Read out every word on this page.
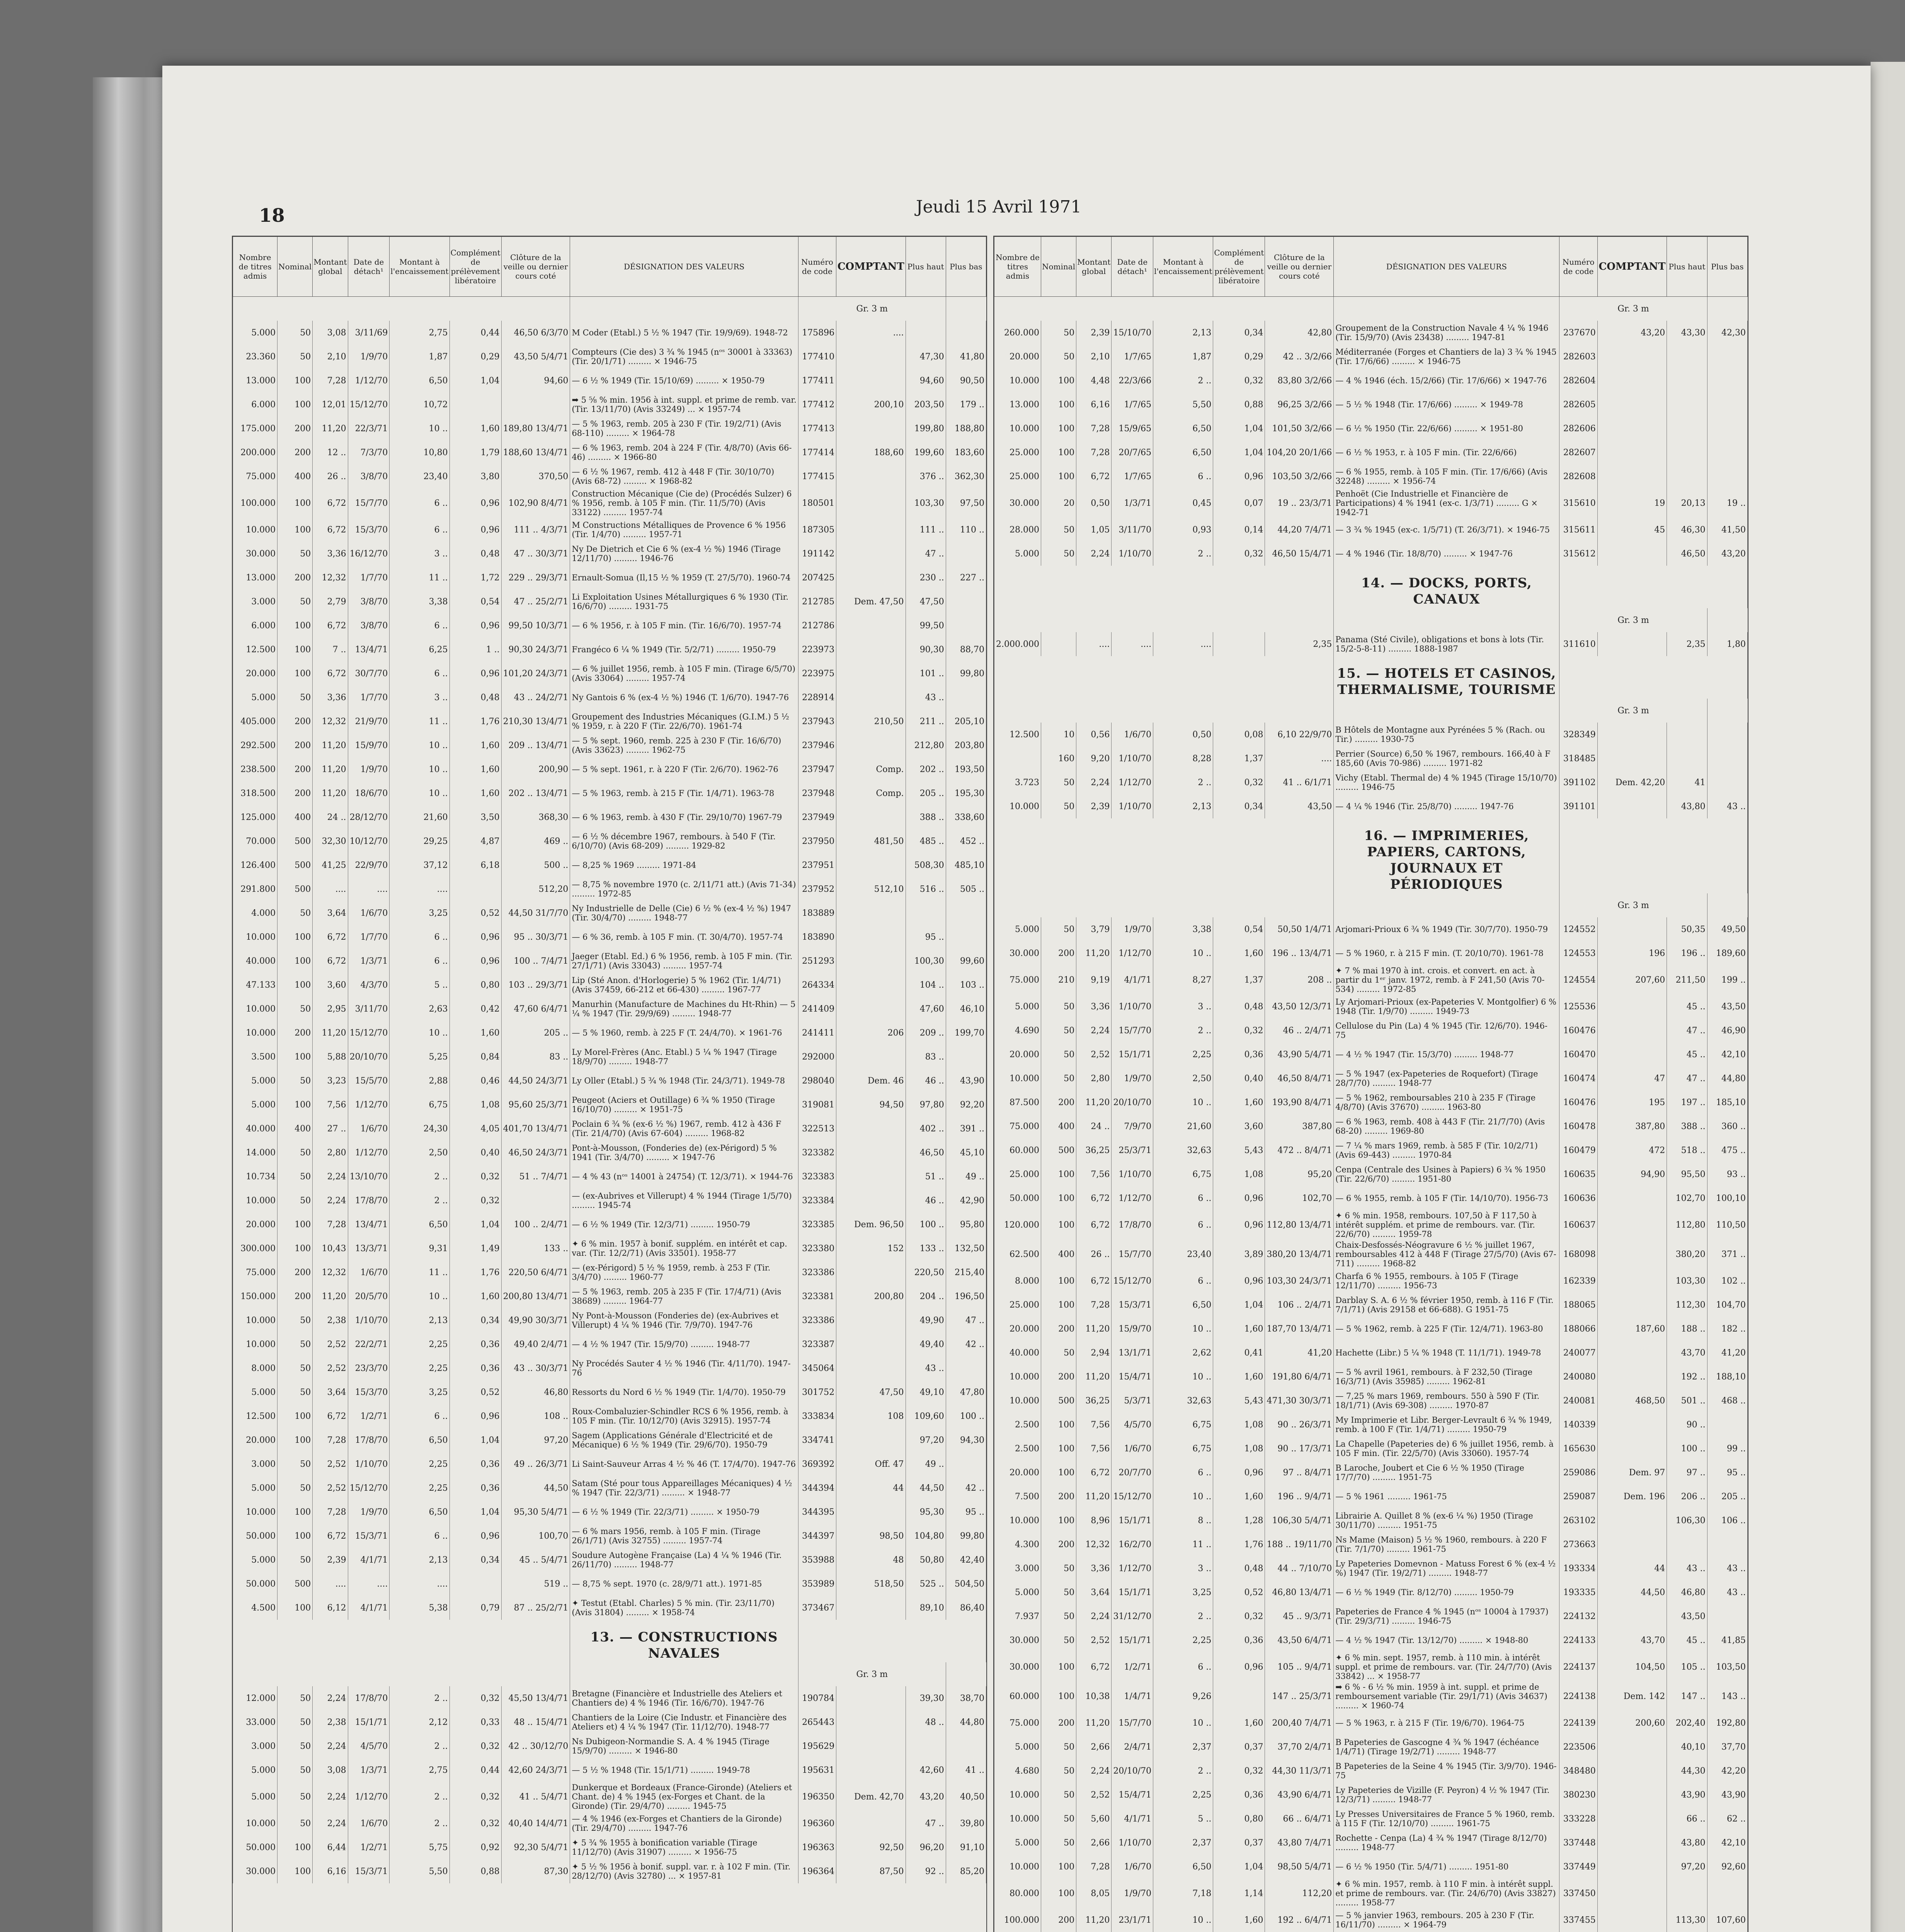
18	Jeudi 15 Avril 1971
Nombre de titres admis	Nominal	Montant global	Date de détach¹	Montant à l'encaissement	Complément de prélèvement libératoire	Clôture de la veille ou dernier cours coté	DÉSIGNATION DES VALEURS	Numéro de code	COMPTANT	Plus haut	Plus bas
								Gr. 3 m			
5.000	50	3,08	3/11/69	2,75	0,44	46,50 6/3/70	M Coder (Etabl.) 5 ½ % 1947 (Tir. 19/9/69). 1948-72	175896	....		
23.360	50	2,10	1/9/70	1,87	0,29	43,50 5/4/71	Compteurs (Cie des) 3 ¾ % 1945 (nᵒˢ 30001 à 33363) (Tir. 20/1/71) ......... × 1946-75	177410		47,30	41,80
13.000	100	7,28	1/12/70	6,50	1,04	94,60	— 6 ½ % 1949 (Tir. 15/10/69) ......... × 1950-79	177411		94,60	90,50
6.000	100	12,01	15/12/70	10,72			➡ 5 ⅝ % min. 1956 à int. suppl. et prime de remb. var. (Tir. 13/11/70) (Avis 33249) ... × 1957-74	177412	200,10	203,50	179 ..
175.000	200	11,20	22/3/71	10 ..	1,60	189,80 13/4/71	— 5 % 1963, remb. 205 à 230 F (Tir. 19/2/71) (Avis 68-110) ......... × 1964-78	177413		199,80	188,80
200.000	200	12 ..	7/3/70	10,80	1,79	188,60 13/4/71	— 6 % 1963, remb. 204 à 224 F (Tir. 4/8/70) (Avis 66-46) ......... × 1966-80	177414	188,60	199,60	183,60
75.000	400	26 ..	3/8/70	23,40	3,80	370,50	— 6 ½ % 1967, remb. 412 à 448 F (Tir. 30/10/70) (Avis 68-72) ......... × 1968-82	177415		376 ..	362,30
100.000	100	6,72	15/7/70	6 ..	0,96	102,90 8/4/71	Construction Mécanique (Cie de) (Procédés Sulzer) 6 % 1956, remb. à 105 F min. (Tir. 11/5/70) (Avis 33122) ......... 1957-74	180501		103,30	97,50
10.000	100	6,72	15/3/70	6 ..	0,96	111 .. 4/3/71	M Constructions Métalliques de Provence 6 % 1956 (Tir. 1/4/70) ......... 1957-71	187305		111 ..	110 ..
30.000	50	3,36	16/12/70	3 ..	0,48	47 .. 30/3/71	Ny De Dietrich et Cie 6 % (ex-4 ½ %) 1946 (Tirage 12/11/70) ......... 1946-76	191142		47 ..	
13.000	200	12,32	1/7/70	11 ..	1,72	229 .. 29/3/71	Ernault-Somua (Il,15 ½ % 1959 (T. 27/5/70). 1960-74	207425		230 ..	227 ..
3.000	50	2,79	3/8/70	3,38	0,54	47 .. 25/2/71	Li Exploitation Usines Métallurgiques 6 % 1930 (Tir. 16/6/70) ......... 1931-75	212785	Dem. 47,50	47,50	
6.000	100	6,72	3/8/70	6 ..	0,96	99,50 10/3/71	— 6 % 1956, r. à 105 F min. (Tir. 16/6/70). 1957-74	212786		99,50	
12.500	100	7 ..	13/4/71	6,25	1 ..	90,30 24/3/71	Frangéco 6 ¼ % 1949 (Tir. 5/2/71) ......... 1950-79	223973		90,30	88,70
20.000	100	6,72	30/7/70	6 ..	0,96	101,20 24/3/71	— 6 % juillet 1956, remb. à 105 F min. (Tirage 6/5/70) (Avis 33064) ......... 1957-74	223975		101 ..	99,80
5.000	50	3,36	1/7/70	3 ..	0,48	43 .. 24/2/71	Ny Gantois 6 % (ex-4 ½ %) 1946 (T. 1/6/70). 1947-76	228914		43 ..	
405.000	200	12,32	21/9/70	11 ..	1,76	210,30 13/4/71	Groupement des Industries Mécaniques (G.I.M.) 5 ½ % 1959, r. à 220 F (Tir. 22/6/70). 1961-74	237943	210,50	211 ..	205,10
292.500	200	11,20	15/9/70	10 ..	1,60	209 .. 13/4/71	— 5 % sept. 1960, remb. 225 à 230 F (Tir. 16/6/70) (Avis 33623) ......... 1962-75	237946		212,80	203,80
238.500	200	11,20	1/9/70	10 ..	1,60	200,90	— 5 % sept. 1961, r. à 220 F (Tir. 2/6/70). 1962-76	237947	Comp.	202 ..	193,50
318.500	200	11,20	18/6/70	10 ..	1,60	202 .. 13/4/71	— 5 % 1963, remb. à 215 F (Tir. 1/4/71). 1963-78	237948	Comp.	205 ..	195,30
125.000	400	24 ..	28/12/70	21,60	3,50	368,30	— 6 % 1963, remb. à 430 F (Tir. 29/10/70) 1967-79	237949		388 ..	338,60
70.000	500	32,30	10/12/70	29,25	4,87	469 ..	— 6 ½ % décembre 1967, rembours. à 540 F (Tir. 6/10/70) (Avis 68-209) ......... 1929-82	237950	481,50	485 ..	452 ..
126.400	500	41,25	22/9/70	37,12	6,18	500 ..	— 8,25 % 1969 ......... 1971-84	237951		508,30	485,10
291.800	500	....	....	....		512,20	— 8,75 % novembre 1970 (c. 2/11/71 att.) (Avis 71-34) ......... 1972-85	237952	512,10	516 ..	505 ..
4.000	50	3,64	1/6/70	3,25	0,52	44,50 31/7/70	Ny Industrielle de Delle (Cie) 6 ½ % (ex-4 ½ %) 1947 (Tir. 30/4/70) ......... 1948-77	183889			
10.000	100	6,72	1/7/70	6 ..	0,96	95 .. 30/3/71	— 6 % 36, remb. à 105 F min. (T. 30/4/70). 1957-74	183890		95 ..	
40.000	100	6,72	1/3/71	6 ..	0,96	100 .. 7/4/71	Jaeger (Etabl. Ed.) 6 % 1956, remb. à 105 F min. (Tir. 27/1/71) (Avis 33043) ......... 1957-74	251293		100,30	99,60
47.133	100	3,60	4/3/70	5 ..	0,80	103 .. 29/3/71	Lip (Sté Anon. d'Horlogerie) 5 % 1962 (Tir. 1/4/71) (Avis 37459, 66-212 et 66-430) ......... 1967-77	264334		104 ..	103 ..
10.000	50	2,95	3/11/70	2,63	0,42	47,60 6/4/71	Manurhin (Manufacture de Machines du Ht-Rhin) — 5 ¼ % 1947 (Tir. 29/9/69) ......... 1948-77	241409		47,60	46,10
10.000	200	11,20	15/12/70	10 ..	1,60	205 ..	— 5 % 1960, remb. à 225 F (T. 24/4/70). × 1961-76	241411	206	209 ..	199,70
3.500	100	5,88	20/10/70	5,25	0,84	83 ..	Ly Morel-Frères (Anc. Etabl.) 5 ¼ % 1947 (Tirage 18/9/70) ......... 1948-77	292000		83 ..	
5.000	50	3,23	15/5/70	2,88	0,46	44,50 24/3/71	Ly Oller (Etabl.) 5 ¾ % 1948 (Tir. 24/3/71). 1949-78	298040	Dem. 46	46 ..	43,90
5.000	100	7,56	1/12/70	6,75	1,08	95,60 25/3/71	Peugeot (Aciers et Outillage) 6 ¾ % 1950 (Tirage 16/10/70) ......... × 1951-75	319081	94,50	97,80	92,20
40.000	400	27 ..	1/6/70	24,30	4,05	401,70 13/4/71	Poclain 6 ¾ % (ex-6 ½ %) 1967, remb. 412 à 436 F (Tir. 21/4/70) (Avis 67-604) ......... 1968-82	322513		402 ..	391 ..
14.000	50	2,80	1/12/70	2,50	0,40	46,50 24/3/71	Pont-à-Mousson, (Fonderies de) (ex-Périgord) 5 % 1941 (Tir. 3/4/70) ......... × 1947-76	323382		46,50	45,10
10.734	50	2,24	13/10/70	2 ..	0,32	51 .. 7/4/71	— 4 % 43 (nᵒˢ 14001 à 24754) (T. 12/3/71). × 1944-76	323383		51 ..	49 ..
10.000	50	2,24	17/8/70	2 ..	0,32		— (ex-Aubrives et Villerupt) 4 % 1944 (Tirage 1/5/70) ......... 1945-74	323384		46 ..	42,90
20.000	100	7,28	13/4/71	6,50	1,04	100 .. 2/4/71	— 6 ½ % 1949 (Tir. 12/3/71) ......... 1950-79	323385	Dem. 96,50	100 ..	95,80
300.000	100	10,43	13/3/71	9,31	1,49	133 ..	✦ 6 % min. 1957 à bonif. supplém. en intérêt et cap. var. (Tir. 12/2/71) (Avis 33501). 1958-77	323380	152	133 ..	132,50
75.000	200	12,32	1/6/70	11 ..	1,76	220,50 6/4/71	— (ex-Périgord) 5 ½ % 1959, remb. à 253 F (Tir. 3/4/70) ......... 1960-77	323386		220,50	215,40
150.000	200	11,20	20/5/70	10 ..	1,60	200,80 13/4/71	— 5 % 1963, remb. 205 à 235 F (Tir. 17/4/71) (Avis 38689) ......... 1964-77	323381	200,80	204 ..	196,50
10.000	50	2,38	1/10/70	2,13	0,34	49,90 30/3/71	Ny Pont-à-Mousson (Fonderies de) (ex-Aubrives et Villerupt) 4 ¼ % 1946 (Tir. 7/9/70). 1947-76	323386		49,90	47 ..
10.000	50	2,52	22/2/71	2,25	0,36	49,40 2/4/71	— 4 ½ % 1947 (Tir. 15/9/70) ......... 1948-77	323387		49,40	42 ..
8.000	50	2,52	23/3/70	2,25	0,36	43 .. 30/3/71	Ny Procédés Sauter 4 ½ % 1946 (Tir. 4/11/70). 1947-76	345064		43 ..	
5.000	50	3,64	15/3/70	3,25	0,52	46,80	Ressorts du Nord 6 ½ % 1949 (Tir. 1/4/70). 1950-79	301752	47,50	49,10	47,80
12.500	100	6,72	1/2/71	6 ..	0,96	108 ..	Roux-Combaluzier-Schindler RCS 6 % 1956, remb. à 105 F min. (Tir. 10/12/70) (Avis 32915). 1957-74	333834	108	109,60	100 ..
20.000	100	7,28	17/8/70	6,50	1,04	97,20	Sagem (Applications Générale d'Electricité et de Mécanique) 6 ½ % 1949 (Tir. 29/6/70). 1950-79	334741		97,20	94,30
3.000	50	2,52	1/10/70	2,25	0,36	49 .. 26/3/71	Li Saint-Sauveur Arras 4 ½ % 46 (T. 17/4/70). 1947-76	369392	Off. 47	49 ..	
5.000	50	2,52	15/12/70	2,25	0,36	44,50	Satam (Sté pour tous Appareillages Mécaniques) 4 ½ % 1947 (Tir. 22/3/71) ......... × 1948-77	344394	44	44,50	42 ..
10.000	100	7,28	1/9/70	6,50	1,04	95,30 5/4/71	— 6 ½ % 1949 (Tir. 22/3/71) ......... × 1950-79	344395		95,30	95 ..
50.000	100	6,72	15/3/71	6 ..	0,96	100,70	— 6 % mars 1956, remb. à 105 F min. (Tirage 26/1/71) (Avis 32755) ......... 1957-74	344397	98,50	104,80	99,80
5.000	50	2,39	4/1/71	2,13	0,34	45 .. 5/4/71	Soudure Autogène Française (La) 4 ¼ % 1946 (Tir. 26/11/70) ......... 1948-77	353988	48	50,80	42,40
50.000	500	....	....	....		519 ..	— 8,75 % sept. 1970 (c. 28/9/71 att.). 1971-85	353989	518,50	525 ..	504,50
4.500	100	6,12	4/1/71	5,38	0,79	87 .. 25/2/71	✦ Testut (Etabl. Charles) 5 % min. (Tir. 23/11/70) (Avis 31804) ......... × 1958-74	373467		89,10	86,40
							13. — CONSTRUCTIONS NAVALES				
								Gr. 3 m			
12.000	50	2,24	17/8/70	2 ..	0,32	45,50 13/4/71	Bretagne (Financière et Industrielle des Ateliers et Chantiers de) 4 % 1946 (Tir. 16/6/70). 1947-76	190784		39,30	38,70
33.000	50	2,38	15/1/71	2,12	0,33	48 .. 15/4/71	Chantiers de la Loire (Cie Industr. et Financière des Ateliers et) 4 ¼ % 1947 (Tir. 11/12/70). 1948-77	265443		48 ..	44,80
3.000	50	2,24	4/5/70	2 ..	0,32	42 .. 30/12/70	Ns Dubigeon-Normandie S. A. 4 % 1945 (Tirage 15/9/70) ......... × 1946-80	195629			
5.000	50	3,08	1/3/71	2,75	0,44	42,60 24/3/71	— 5 ½ % 1948 (Tir. 15/1/71) ......... 1949-78	195631		42,60	41 ..
5.000	50	2,24	1/12/70	2 ..	0,32	41 .. 5/4/71	Dunkerque et Bordeaux (France-Gironde) (Ateliers et Chant. de) 4 % 1945 (ex-Forges et Chant. de la Gironde) (Tir. 29/4/70) ......... 1945-75	196350	Dem. 42,70	43,20	40,50
10.000	50	2,24	1/6/70	2 ..	0,32	40,40 14/4/71	— 4 % 1946 (ex-Forges et Chantiers de la Gironde) (Tir. 29/4/70) ......... 1947-76	196360		47 ..	39,80
50.000	100	6,44	1/2/71	5,75	0,92	92,30 5/4/71	✦ 5 ¾ % 1955 à bonification variable (Tirage 11/12/70) (Avis 31907) ......... × 1956-75	196363	92,50	96,20	91,10
30.000	100	6,16	15/3/71	5,50	0,88	87,30	✦ 5 ½ % 1956 à bonif. suppl. var. r. à 102 F min. (Tir. 28/12/70) (Avis 32780) ... × 1957-81	196364	87,50	92 ..	85,20
Nombre de titres admis	Nominal	Montant global	Date de détach¹	Montant à l'encaissement	Complément de prélèvement libératoire	Clôture de la veille ou dernier cours coté	DÉSIGNATION DES VALEURS	Numéro de code	COMPTANT	Plus haut	Plus bas
								Gr. 3 m			
260.000	50	2,39	15/10/70	2,13	0,34	42,80	Groupement de la Construction Navale 4 ¼ % 1946 (Tir. 15/9/70) (Avis 23438) ......... 1947-81	237670	43,20	43,30	42,30
20.000	50	2,10	1/7/65	1,87	0,29	42 .. 3/2/66	Méditerranée (Forges et Chantiers de la) 3 ¾ % 1945 (Tir. 17/6/66) ......... × 1946-75	282603			
10.000	100	4,48	22/3/66	2 ..	0,32	83,80 3/2/66	— 4 % 1946 (éch. 15/2/66) (Tir. 17/6/66) × 1947-76	282604			
13.000	100	6,16	1/7/65	5,50	0,88	96,25 3/2/66	— 5 ½ % 1948 (Tir. 17/6/66) ......... × 1949-78	282605			
10.000	100	7,28	15/9/65	6,50	1,04	101,50 3/2/66	— 6 ½ % 1950 (Tir. 22/6/66) ......... × 1951-80	282606			
25.000	100	7,28	20/7/65	6,50	1,04	104,20 20/1/66	— 6 ½ % 1953, r. à 105 F min. (Tir. 22/6/66)	282607			
25.000	100	6,72	1/7/65	6 ..	0,96	103,50 3/2/66	— 6 % 1955, remb. à 105 F min. (Tir. 17/6/66) (Avis 32248) ......... × 1956-74	282608			
30.000	20	0,50	1/3/71	0,45	0,07	19 .. 23/3/71	Penhoët (Cie Industrielle et Financière de Participations) 4 % 1941 (ex-c. 1/3/71) ......... G × 1942-71	315610	19	20,13	19 ..
28.000	50	1,05	3/11/70	0,93	0,14	44,20 7/4/71	— 3 ¾ % 1945 (ex-c. 1/5/71) (T. 26/3/71). × 1946-75	315611	45	46,30	41,50
5.000	50	2,24	1/10/70	2 ..	0,32	46,50 15/4/71	— 4 % 1946 (Tir. 18/8/70) ......... × 1947-76	315612		46,50	43,20
							14. — DOCKS, PORTS, CANAUX				
								Gr. 3 m			
2.000.000		....	....	....		2,35	Panama (Sté Civile), obligations et bons à lots (Tir. 15/2-5-8-11) ......... 1888-1987	311610		2,35	1,80
							15. — HOTELS ET CASINOS, THERMALISME, TOURISME				
								Gr. 3 m			
12.500	10	0,56	1/6/70	0,50	0,08	6,10 22/9/70	B Hôtels de Montagne aux Pyrénées 5 % (Rach. ou Tir.) ......... 1930-75	328349			
	160	9,20	1/10/70	8,28	1,37	....	Perrier (Source) 6,50 % 1967, rembours. 166,40 à F 185,60 (Avis 70-986) ......... 1971-82	318485			
3.723	50	2,24	1/12/70	2 ..	0,32	41 .. 6/1/71	Vichy (Etabl. Thermal de) 4 % 1945 (Tirage 15/10/70) ......... 1946-75	391102	Dem. 42,20	41	
10.000	50	2,39	1/10/70	2,13	0,34	43,50	— 4 ¼ % 1946 (Tir. 25/8/70) ......... 1947-76	391101		43,80	43 ..
							16. — IMPRIMERIES, PAPIERS, CARTONS, JOURNAUX ET PÉRIODIQUES				
								Gr. 3 m			
5.000	50	3,79	1/9/70	3,38	0,54	50,50 1/4/71	Arjomari-Prioux 6 ¾ % 1949 (Tir. 30/7/70). 1950-79	124552		50,35	49,50
30.000	200	11,20	1/12/70	10 ..	1,60	196 .. 13/4/71	— 5 % 1960, r. à 215 F min. (T. 20/10/70). 1961-78	124553	196	196 ..	189,60
75.000	210	9,19	4/1/71	8,27	1,37	208 ..	✦ 7 % mai 1970 à int. crois. et convert. en act. à partir du 1ᵉʳ janv. 1972, remb. à F 241,50 (Avis 70-534) ......... 1972-85	124554	207,60	211,50	199 ..
5.000	50	3,36	1/10/70	3 ..	0,48	43,50 12/3/71	Ly Arjomari-Prioux (ex-Papeteries V. Montgolfier) 6 % 1948 (Tir. 1/9/70) ......... 1949-73	125536		45 ..	43,50
4.690	50	2,24	15/7/70	2 ..	0,32	46 .. 2/4/71	Cellulose du Pin (La) 4 % 1945 (Tir. 12/6/70). 1946-75	160476		47 ..	46,90
20.000	50	2,52	15/1/71	2,25	0,36	43,90 5/4/71	— 4 ½ % 1947 (Tir. 15/3/70) ......... 1948-77	160470		45 ..	42,10
10.000	50	2,80	1/9/70	2,50	0,40	46,50 8/4/71	— 5 % 1947 (ex-Papeteries de Roquefort) (Tirage 28/7/70) ......... 1948-77	160474	47	47 ..	44,80
87.500	200	11,20	20/10/70	10 ..	1,60	193,90 8/4/71	— 5 % 1962, remboursables 210 à 235 F (Tirage 4/8/70) (Avis 37670) ......... 1963-80	160476	195	197 ..	185,10
75.000	400	24 ..	7/9/70	21,60	3,60	387,80	— 6 % 1963, remb. 408 à 443 F (Tir. 21/7/70) (Avis 68-20) ......... 1969-80	160478	387,80	388 ..	360 ..
60.000	500	36,25	25/3/71	32,63	5,43	472 .. 8/4/71	— 7 ¼ % mars 1969, remb. à 585 F (Tir. 10/2/71) (Avis 69-443) ......... 1970-84	160479	472	518 ..	475 ..
25.000	100	7,56	1/10/70	6,75	1,08	95,20	Cenpa (Centrale des Usines à Papiers) 6 ¾ % 1950 (Tir. 22/6/70) ......... 1951-80	160635	94,90	95,50	93 ..
50.000	100	6,72	1/12/70	6 ..	0,96	102,70	— 6 % 1955, remb. à 105 F (Tir. 14/10/70). 1956-73	160636		102,70	100,10
120.000	100	6,72	17/8/70	6 ..	0,96	112,80 13/4/71	✦ 6 % min. 1958, rembours. 107,50 à F 117,50 à intérêt supplém. et prime de rembours. var. (Tir. 22/6/70) ......... 1959-78	160637		112,80	110,50
62.500	400	26 ..	15/7/70	23,40	3,89	380,20 13/4/71	Chaix-Desfossés-Néogravure 6 ½ % juillet 1967, remboursables 412 à 448 F (Tirage 27/5/70) (Avis 67-711) ......... 1968-82	168098		380,20	371 ..
8.000	100	6,72	15/12/70	6 ..	0,96	103,30 24/3/71	Charfa 6 % 1955, rembours. à 105 F (Tirage 12/11/70) ......... 1956-73	162339		103,30	102 ..
25.000	100	7,28	15/3/71	6,50	1,04	106 .. 2/4/71	Darblay S. A. 6 ½ % février 1950, remb. à 116 F (Tir. 7/1/71) (Avis 29158 et 66-688). G 1951-75	188065		112,30	104,70
20.000	200	11,20	15/9/70	10 ..	1,60	187,70 13/4/71	— 5 % 1962, remb. à 225 F (Tir. 12/4/71). 1963-80	188066	187,60	188 ..	182 ..
40.000	50	2,94	13/1/71	2,62	0,41	41,20	Hachette (Libr.) 5 ¼ % 1948 (T. 11/1/71). 1949-78	240077		43,70	41,20
10.000	200	11,20	15/4/71	10 ..	1,60	191,80 6/4/71	— 5 % avril 1961, rembours. à F 232,50 (Tirage 16/3/71) (Avis 35985) ......... 1962-81	240080		192 ..	188,10
10.000	500	36,25	5/3/71	32,63	5,43	471,30 30/3/71	— 7,25 % mars 1969, rembours. 550 à 590 F (Tir. 18/1/71) (Avis 69-308) ......... 1970-87	240081	468,50	501 ..	468 ..
2.500	100	7,56	4/5/70	6,75	1,08	90 .. 26/3/71	My Imprimerie et Libr. Berger-Levrault 6 ¾ % 1949, remb. à 100 F (Tir. 1/4/71) ......... 1950-79	140339		90 ..	
2.500	100	7,56	1/6/70	6,75	1,08	90 .. 17/3/71	La Chapelle (Papeteries de) 6 % juillet 1956, remb. à 105 F min. (Tir. 22/5/70) (Avis 33060). 1957-74	165630		100 ..	99 ..
20.000	100	6,72	20/7/70	6 ..	0,96	97 .. 8/4/71	B Laroche, Joubert et Cie 6 ½ % 1950 (Tirage 17/7/70) ......... 1951-75	259086	Dem. 97	97 ..	95 ..
7.500	200	11,20	15/12/70	10 ..	1,60	196 .. 9/4/71	— 5 % 1961 ......... 1961-75	259087	Dem. 196	206 ..	205 ..
10.000	100	8,96	15/1/71	8 ..	1,28	106,30 5/4/71	Librairie A. Quillet 8 % (ex-6 ¼ %) 1950 (Tirage 30/11/70) ......... 1951-75	263102		106,30	106 ..
4.300	200	12,32	16/2/70	11 ..	1,76	188 .. 19/11/70	Ns Mame (Maison) 5 ½ % 1960, rembours. à 220 F (Tir. 7/1/70) ......... 1961-75	273663			
3.000	50	3,36	1/12/70	3 ..	0,48	44 .. 7/10/70	Ly Papeteries Domevnon - Matuss Forest 6 % (ex-4 ½ %) 1947 (Tir. 19/2/71) ......... 1948-77	193334	44	43 ..	43 ..
5.000	50	3,64	15/1/71	3,25	0,52	46,80 13/4/71	— 6 ½ % 1949 (Tir. 8/12/70) ......... 1950-79	193335	44,50	46,80	43 ..
7.937	50	2,24	31/12/70	2 ..	0,32	45 .. 9/3/71	Papeteries de France 4 % 1945 (nᵒˢ 10004 à 17937) (Tir. 29/3/71) ......... 1946-75	224132		43,50	
30.000	50	2,52	15/1/71	2,25	0,36	43,50 6/4/71	— 4 ½ % 1947 (Tir. 13/12/70) ......... × 1948-80	224133	43,70	45 ..	41,85
30.000	100	6,72	1/2/71	6 ..	0,96	105 .. 9/4/71	✦ 6 % min. sept. 1957, remb. à 110 min. à intérêt suppl. et prime de rembours. var. (Tir. 24/7/70) (Avis 33842) ... × 1958-77	224137	104,50	105 ..	103,50
60.000	100	10,38	1/4/71	9,26		147 .. 25/3/71	➡ 6 % - 6 ½ % min. 1959 à int. suppl. et prime de remboursement variable (Tir. 29/1/71) (Avis 34637) ......... × 1960-74	224138	Dem. 142	147 ..	143 ..
75.000	200	11,20	15/7/70	10 ..	1,60	200,40 7/4/71	— 5 % 1963, r. à 215 F (Tir. 19/6/70). 1964-75	224139	200,60	202,40	192,80
5.000	50	2,66	2/4/71	2,37	0,37	37,70 2/4/71	B Papeteries de Gascogne 4 ¾ % 1947 (échéance 1/4/71) (Tirage 19/2/71) ......... 1948-77	223506		40,10	37,70
4.680	50	2,24	20/10/70	2 ..	0,32	44,30 11/3/71	B Papeteries de la Seine 4 % 1945 (Tir. 3/9/70). 1946-75	348480		44,30	42,20
10.000	50	2,52	15/4/71	2,25	0,36	43,90 6/4/71	Ly Papeteries de Vizille (F. Peyron) 4 ½ % 1947 (Tir. 12/3/71) ......... 1948-77	380230		43,90	43,90
10.000	50	5,60	4/1/71	5 ..	0,80	66 .. 6/4/71	Ly Presses Universitaires de France 5 % 1960, remb. à 115 F (Tir. 12/10/70) ......... 1961-75	333228		66 ..	62 ..
5.000	50	2,66	1/10/70	2,37	0,37	43,80 7/4/71	Rochette - Cenpa (La) 4 ¾ % 1947 (Tirage 8/12/70) ......... 1948-77	337448		43,80	42,10
10.000	100	7,28	1/6/70	6,50	1,04	98,50 5/4/71	— 6 ½ % 1950 (Tir. 5/4/71) ......... 1951-80	337449		97,20	92,60
80.000	100	8,05	1/9/70	7,18	1,14	112,20	✦ 6 % min. 1957, remb. à 110 F min. à intérêt suppl. et prime de rembours. var. (Tir. 24/6/70) (Avis 33827) ......... 1958-77	337450			
100.000	200	11,20	23/1/71	10 ..	1,60	192 .. 6/4/71	— 5 % janvier 1963, rembours. 205 à 230 F (Tir. 16/11/70) ......... × 1964-79	337455		113,30	107,60
